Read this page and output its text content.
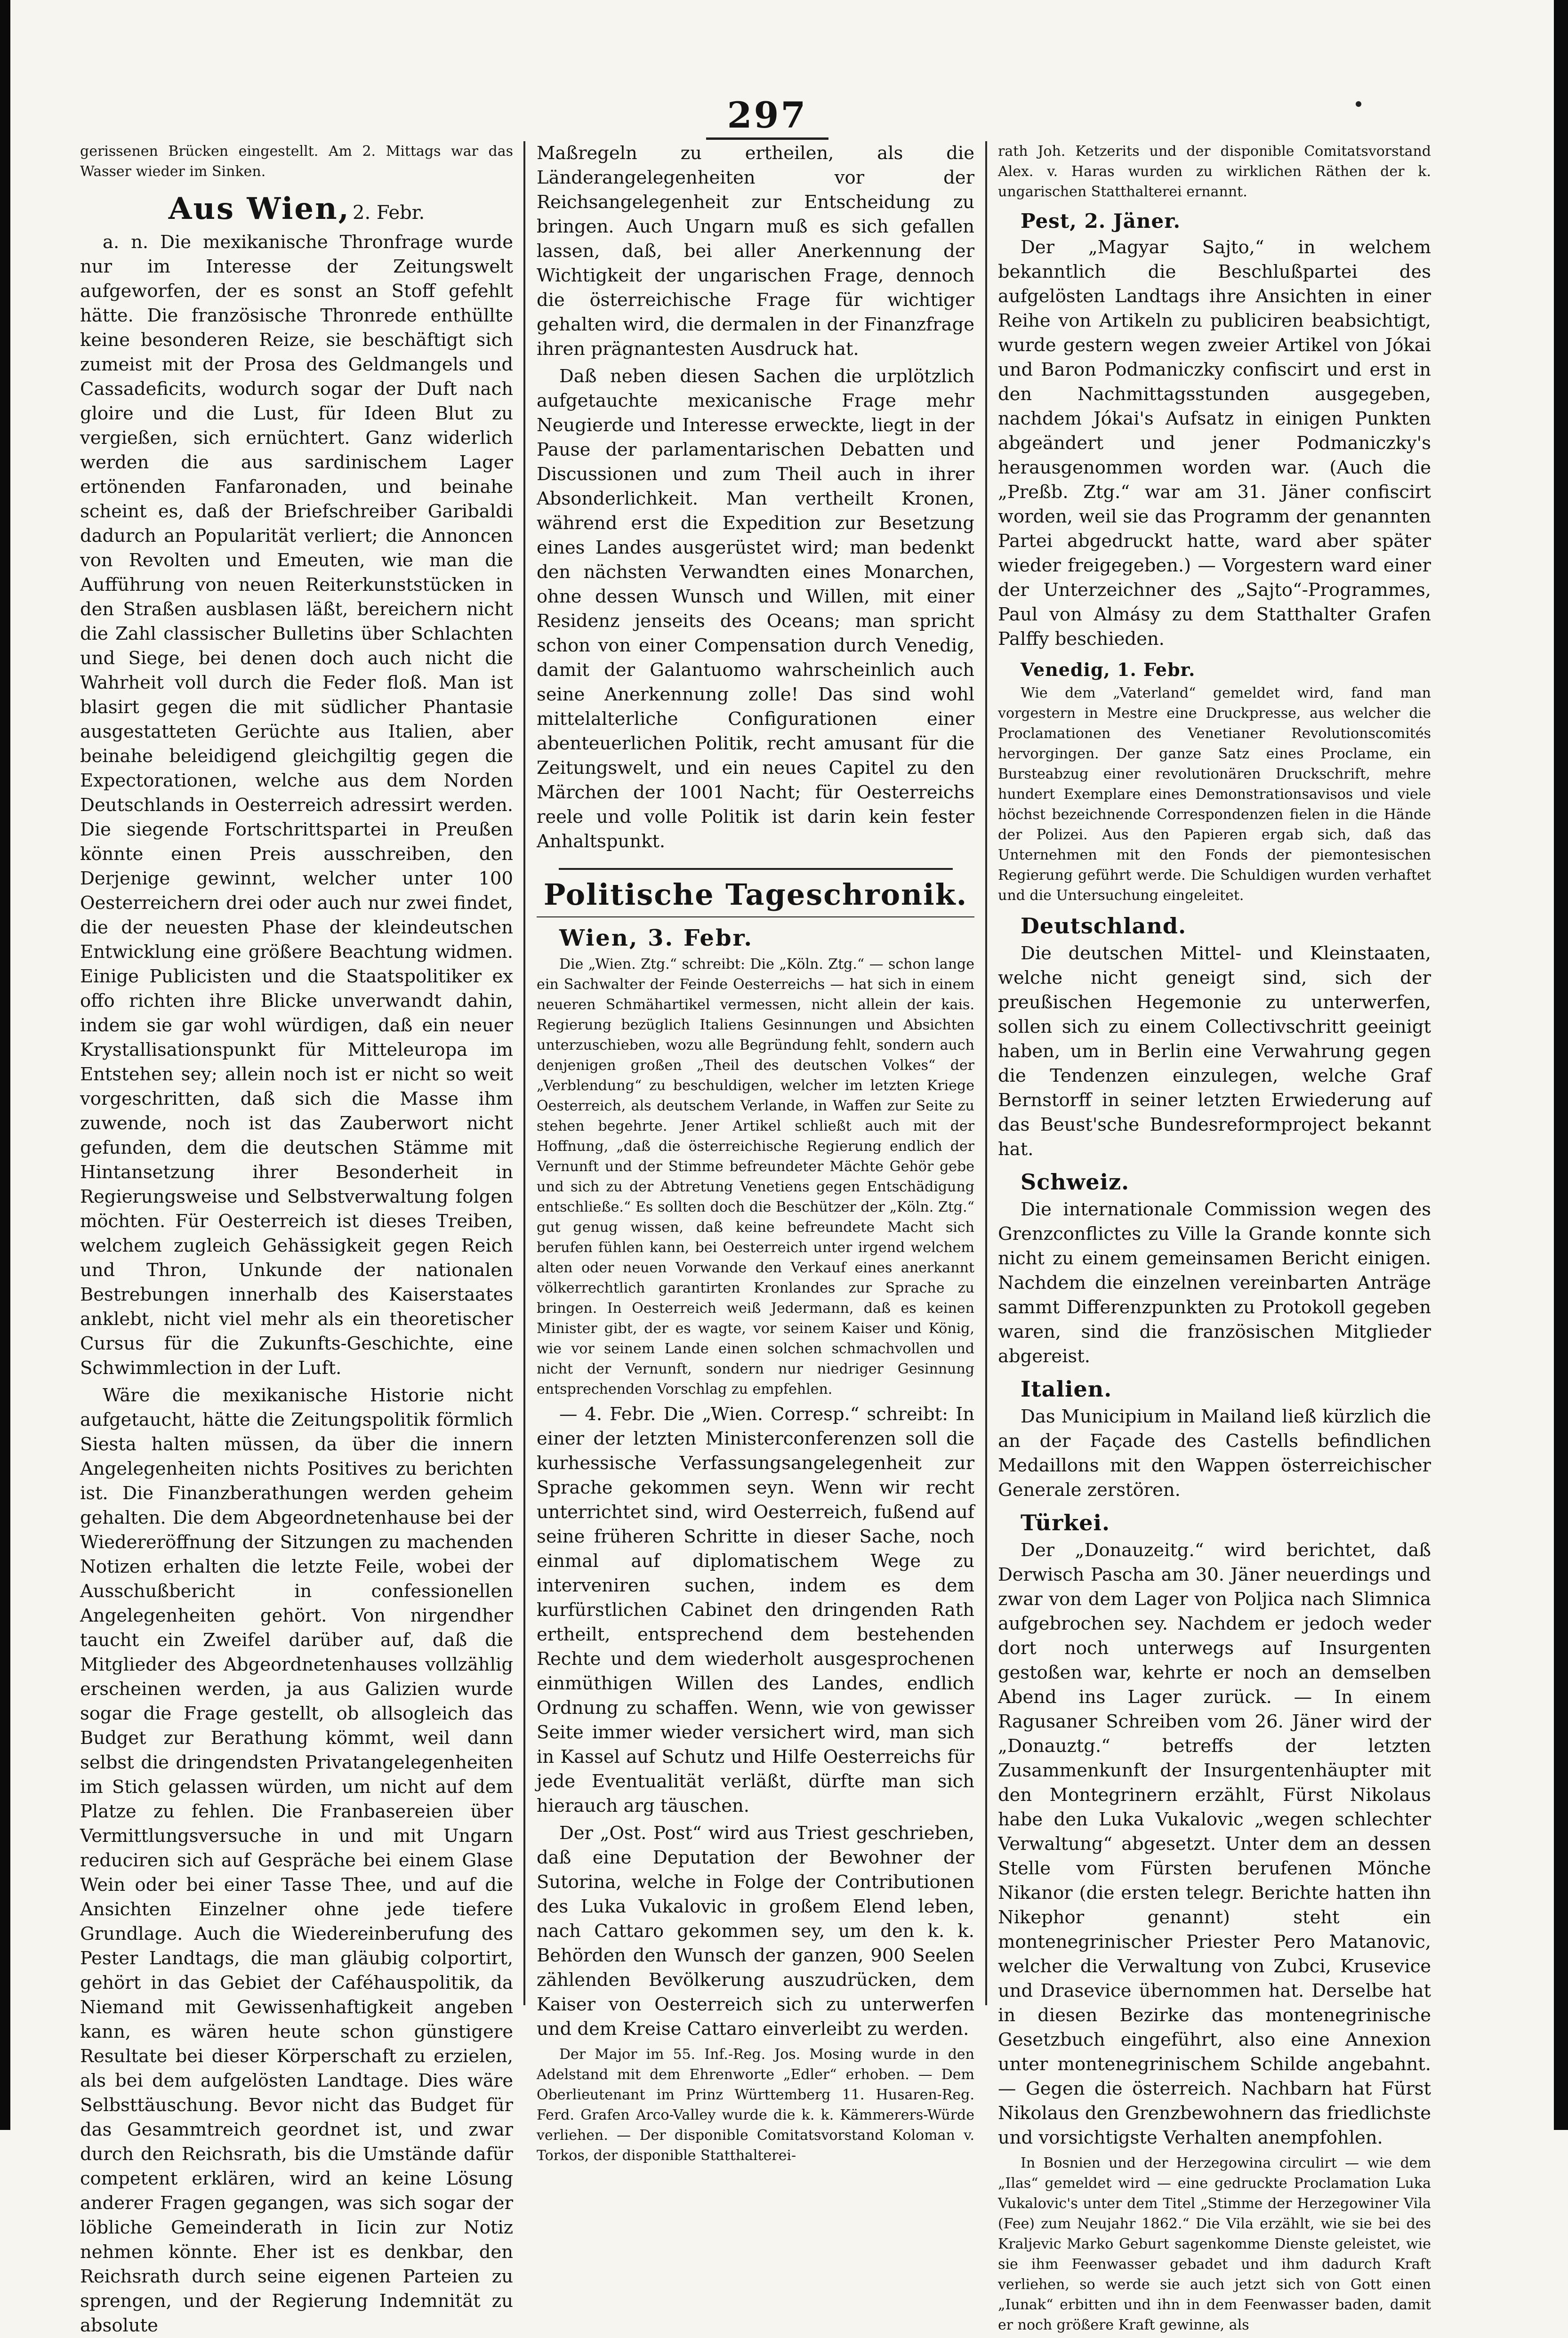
297

gerissenen Brücken eingestellt. Am 2. Mittags war das Wasser wieder im Sinken.

Aus Wien, 2. Febr.

a. n. Die mexikanische Thronfrage wurde nur im Interesse der Zeitungswelt aufgeworfen, der es sonst an Stoff gefehlt hätte. Die französische Thronrede enthüllte keine besonderen Reize, sie beschäftigt sich zumeist mit der Prosa des Geldmangels und Cassadeficits, wodurch sogar der Duft nach gloire und die Lust, für Ideen Blut zu vergießen, sich ernüchtert. Ganz widerlich werden die aus sardinischem Lager ertönenden Fanfaronaden, und beinahe scheint es, daß der Briefschreiber Garibaldi dadurch an Popularität verliert; die Annoncen von Revolten und Emeuten, wie man die Aufführung von neuen Reiterkunststücken in den Straßen ausblasen läßt, bereichern nicht die Zahl classischer Bulletins über Schlachten und Siege, bei denen doch auch nicht die Wahrheit voll durch die Feder floß. Man ist blasirt gegen die mit südlicher Phantasie ausgestatteten Gerüchte aus Italien, aber beinahe beleidigend gleichgiltig gegen die Expectorationen, welche aus dem Norden Deutschlands in Oesterreich adressirt werden. Die siegende Fortschrittspartei in Preußen könnte einen Preis ausschreiben, den Derjenige gewinnt, welcher unter 100 Oesterreichern drei oder auch nur zwei findet, die der neuesten Phase der kleindeutschen Entwicklung eine größere Beachtung widmen. Einige Publicisten und die Staatspolitiker ex offo richten ihre Blicke unverwandt dahin, indem sie gar wohl würdigen, daß ein neuer Krystallisationspunkt für Mitteleuropa im Entstehen sey; allein noch ist er nicht so weit vorgeschritten, daß sich die Masse ihm zuwende, noch ist das Zauberwort nicht gefunden, dem die deutschen Stämme mit Hintansetzung ihrer Besonderheit in Regierungsweise und Selbstverwaltung folgen möchten. Für Oesterreich ist dieses Treiben, welchem zugleich Gehässigkeit gegen Reich und Thron, Unkunde der nationalen Bestrebungen innerhalb des Kaiserstaates anklebt, nicht viel mehr als ein theoretischer Cursus für die Zukunfts-Geschichte, eine Schwimmlection in der Luft.

Wäre die mexikanische Historie nicht aufgetaucht, hätte die Zeitungspolitik förmlich Siesta halten müssen, da über die innern Angelegenheiten nichts Positives zu berichten ist. Die Finanzberathungen werden geheim gehalten. Die dem Abgeordnetenhause bei der Wiedereröffnung der Sitzungen zu machenden Notizen erhalten die letzte Feile, wobei der Ausschußbericht in confessionellen Angelegenheiten gehört. Von nirgendher taucht ein Zweifel darüber auf, daß die Mitglieder des Abgeordnetenhauses vollzählig erscheinen werden, ja aus Galizien wurde sogar die Frage gestellt, ob allsogleich das Budget zur Berathung kömmt, weil dann selbst die dringendsten Privatangelegenheiten im Stich gelassen würden, um nicht auf dem Platze zu fehlen. Die Franbasereien über Vermittlungsversuche in und mit Ungarn reduciren sich auf Gespräche bei einem Glase Wein oder bei einer Tasse Thee, und auf die Ansichten Einzelner ohne jede tiefere Grundlage. Auch die Wiedereinberufung des Pester Landtags, die man gläubig colportirt, gehört in das Gebiet der Caféhauspolitik, da Niemand mit Gewissenhaftigkeit angeben kann, es wären heute schon günstigere Resultate bei dieser Körperschaft zu erzielen, als bei dem aufgelösten Landtage. Dies wäre Selbsttäuschung. Bevor nicht das Budget für das Gesammtreich geordnet ist, und zwar durch den Reichsrath, bis die Umstände dafür competent erklären, wird an keine Lösung anderer Fragen gegangen, was sich sogar der löbliche Gemeinderath in Iicin zur Notiz nehmen könnte. Eher ist es denkbar, den Reichsrath durch seine eigenen Parteien zu sprengen, und der Regierung Indemnität zu absolute

Maßregeln zu ertheilen, als die Länderangelegenheiten vor der Reichsangelegenheit zur Entscheidung zu bringen. Auch Ungarn muß es sich gefallen lassen, daß, bei aller Anerkennung der Wichtigkeit der ungarischen Frage, dennoch die österreichische Frage für wichtiger gehalten wird, die dermalen in der Finanzfrage ihren prägnantesten Ausdruck hat.

Daß neben diesen Sachen die urplötzlich aufgetauchte mexicanische Frage mehr Neugierde und Interesse erweckte, liegt in der Pause der parlamentarischen Debatten und Discussionen und zum Theil auch in ihrer Absonderlichkeit. Man vertheilt Kronen, während erst die Expedition zur Besetzung eines Landes ausgerüstet wird; man bedenkt den nächsten Verwandten eines Monarchen, ohne dessen Wunsch und Willen, mit einer Residenz jenseits des Oceans; man spricht schon von einer Compensation durch Venedig, damit der Galantuomo wahrscheinlich auch seine Anerkennung zolle! Das sind wohl mittelalterliche Configurationen einer abenteuerlichen Politik, recht amusant für die Zeitungswelt, und ein neues Capitel zu den Märchen der 1001 Nacht; für Oesterreichs reele und volle Politik ist darin kein fester Anhaltspunkt.

Politische Tageschronik.
Wien, 3. Febr.

Die „Wien. Ztg.“ schreibt: Die „Köln. Ztg.“ — schon lange ein Sachwalter der Feinde Oesterreichs — hat sich in einem neueren Schmähartikel vermessen, nicht allein der kais. Regierung bezüglich Italiens Gesinnungen und Absichten unterzuschieben, wozu alle Begründung fehlt, sondern auch denjenigen großen „Theil des deutschen Volkes“ der „Verblendung“ zu beschuldigen, welcher im letzten Kriege Oesterreich, als deutschem Verlande, in Waffen zur Seite zu stehen begehrte. Jener Artikel schließt auch mit der Hoffnung, „daß die österreichische Regierung endlich der Vernunft und der Stimme befreundeter Mächte Gehör gebe und sich zu der Abtretung Venetiens gegen Entschädigung entschließe.“ Es sollten doch die Beschützer der „Köln. Ztg.“ gut genug wissen, daß keine befreundete Macht sich berufen fühlen kann, bei Oesterreich unter irgend welchem alten oder neuen Vorwande den Verkauf eines anerkannt völkerrechtlich garantirten Kronlandes zur Sprache zu bringen. In Oesterreich weiß Jedermann, daß es keinen Minister gibt, der es wagte, vor seinem Kaiser und König, wie vor seinem Lande einen solchen schmachvollen und nicht der Vernunft, sondern nur niedriger Gesinnung entsprechenden Vorschlag zu empfehlen.

— 4. Febr. Die „Wien. Corresp.“ schreibt: In einer der letzten Ministerconferenzen soll die kurhessische Verfassungsangelegenheit zur Sprache gekommen seyn. Wenn wir recht unterrichtet sind, wird Oesterreich, fußend auf seine früheren Schritte in dieser Sache, noch einmal auf diplomatischem Wege zu interveniren suchen, indem es dem kurfürstlichen Cabinet den dringenden Rath ertheilt, entsprechend dem bestehenden Rechte und dem wiederholt ausgesprochenen einmüthigen Willen des Landes, endlich Ordnung zu schaffen. Wenn, wie von gewisser Seite immer wieder versichert wird, man sich in Kassel auf Schutz und Hilfe Oesterreichs für jede Eventualität verläßt, dürfte man sich hierauch arg täuschen.

Der „Ost. Post“ wird aus Triest geschrieben, daß eine Deputation der Bewohner der Sutorina, welche in Folge der Contributionen des Luka Vukalovic in großem Elend leben, nach Cattaro gekommen sey, um den k. k. Behörden den Wunsch der ganzen, 900 Seelen zählenden Bevölkerung auszudrücken, dem Kaiser von Oesterreich sich zu unterwerfen und dem Kreise Cattaro einverleibt zu werden.

Der Major im 55. Inf.-Reg. Jos. Mosing wurde in den Adelstand mit dem Ehrenworte „Edler“ erhoben. — Dem Oberlieutenant im Prinz Württemberg 11. Husaren-Reg. Ferd. Grafen Arco-Valley wurde die k. k. Kämmerers-Würde verliehen. — Der disponible Comitatsvorstand Koloman v. Torkos, der disponible Statthalterei-

rath Joh. Ketzerits und der disponible Comitatsvorstand Alex. v. Haras wurden zu wirklichen Räthen der k. ungarischen Statthalterei ernannt.

Pest, 2. Jäner.

Der „Magyar Sajto,“ in welchem bekanntlich die Beschlußpartei des aufgelösten Landtags ihre Ansichten in einer Reihe von Artikeln zu publiciren beabsichtigt, wurde gestern wegen zweier Artikel von Jókai und Baron Podmaniczky confiscirt und erst in den Nachmittagsstunden ausgegeben, nachdem Jókai's Aufsatz in einigen Punkten abgeändert und jener Podmaniczky's herausgenommen worden war. (Auch die „Preßb. Ztg.“ war am 31. Jäner confiscirt worden, weil sie das Programm der genannten Partei abgedruckt hatte, ward aber später wieder freigegeben.) — Vorgestern ward einer der Unterzeichner des „Sajto“-Programmes, Paul von Almásy zu dem Statthalter Grafen Palffy beschieden.

Venedig, 1. Febr.

Wie dem „Vaterland“ gemeldet wird, fand man vorgestern in Mestre eine Druckpresse, aus welcher die Proclamationen des Venetianer Revolutionscomités hervorgingen. Der ganze Satz eines Proclame, ein Bursteabzug einer revolutionären Druckschrift, mehre hundert Exemplare eines Demonstrationsavisos und viele höchst bezeichnende Correspondenzen fielen in die Hände der Polizei. Aus den Papieren ergab sich, daß das Unternehmen mit den Fonds der piemontesischen Regierung geführt werde. Die Schuldigen wurden verhaftet und die Untersuchung eingeleitet.

Deutschland.

Die deutschen Mittel- und Kleinstaaten, welche nicht geneigt sind, sich der preußischen Hegemonie zu unterwerfen, sollen sich zu einem Collectivschritt geeinigt haben, um in Berlin eine Verwahrung gegen die Tendenzen einzulegen, welche Graf Bernstorff in seiner letzten Erwiederung auf das Beust'sche Bundesreformproject bekannt hat.

Schweiz.

Die internationale Commission wegen des Grenzconflictes zu Ville la Grande konnte sich nicht zu einem gemeinsamen Bericht einigen. Nachdem die einzelnen vereinbarten Anträge sammt Differenzpunkten zu Protokoll gegeben waren, sind die französischen Mitglieder abgereist.

Italien.

Das Municipium in Mailand ließ kürzlich die an der Façade des Castells befindlichen Medaillons mit den Wappen österreichischer Generale zerstören.

Türkei.

Der „Donauzeitg.“ wird berichtet, daß Derwisch Pascha am 30. Jäner neuerdings und zwar von dem Lager von Poljica nach Slimnica aufgebrochen sey. Nachdem er jedoch weder dort noch unterwegs auf Insurgenten gestoßen war, kehrte er noch an demselben Abend ins Lager zurück. — In einem Ragusaner Schreiben vom 26. Jäner wird der „Donauztg.“ betreffs der letzten Zusammenkunft der Insurgentenhäupter mit den Montegrinern erzählt, Fürst Nikolaus habe den Luka Vukalovic „wegen schlechter Verwaltung“ abgesetzt. Unter dem an dessen Stelle vom Fürsten berufenen Mönche Nikanor (die ersten telegr. Berichte hatten ihn Nikephor genannt) steht ein montenegrinischer Priester Pero Matanovic, welcher die Verwaltung von Zubci, Krusevice und Drasevice übernommen hat. Derselbe hat in diesen Bezirke das montenegrinische Gesetzbuch eingeführt, also eine Annexion unter montenegrinischem Schilde angebahnt. — Gegen die österreich. Nachbarn hat Fürst Nikolaus den Grenzbewohnern das friedlichste und vorsichtigste Verhalten anempfohlen.

In Bosnien und der Herzegowina circulirt — wie dem „Ilas“ gemeldet wird — eine gedruckte Proclamation Luka Vukalovic's unter dem Titel „Stimme der Herzegowiner Vila (Fee) zum Neujahr 1862.“ Die Vila erzählt, wie sie bei des Kraljevic Marko Geburt sagenkomme Dienste geleistet, wie sie ihm Feenwasser gebadet und ihm dadurch Kraft verliehen, so werde sie auch jetzt sich von Gott einen „Iunak“ erbitten und ihn in dem Feenwasser baden, damit er noch größere Kraft gewinne, als
